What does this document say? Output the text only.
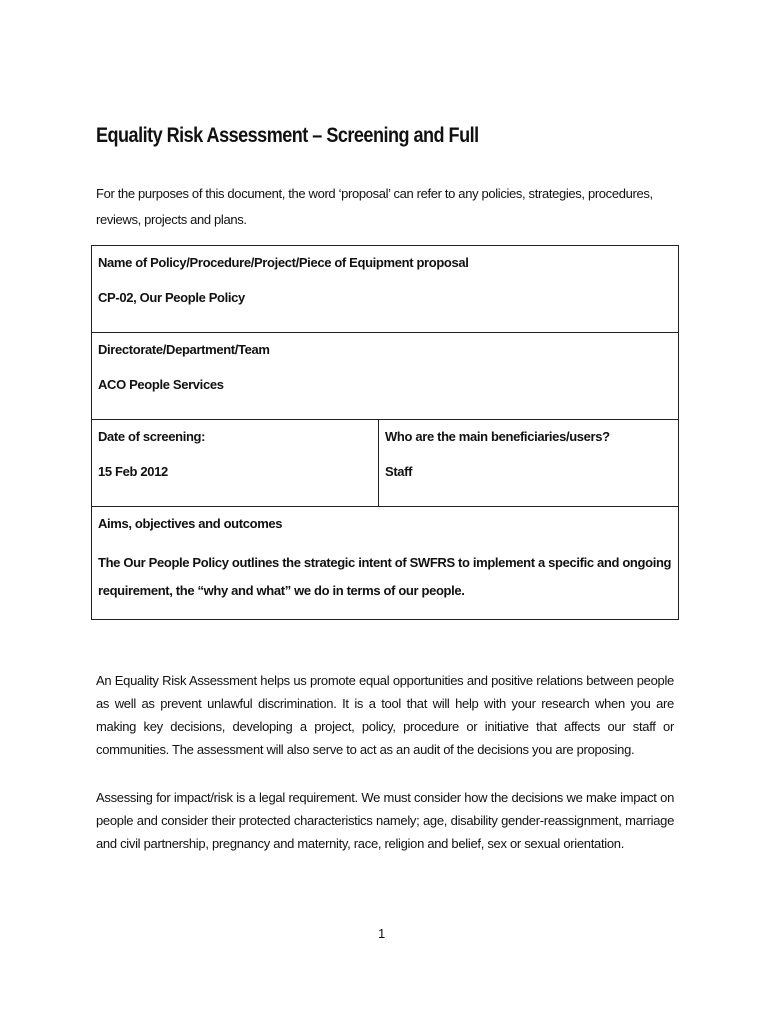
Equality Risk Assessment – Screening and Full

For the purposes of this document, the word ‘proposal’ can refer to any policies, strategies, procedures, reviews, projects and plans.

Name of Policy/Procedure/Project/Piece of Equipment proposal
CP-02, Our People Policy

Directorate/Department/Team
ACO People Services

Date of screening:
15 Feb 2012

Who are the main beneficiaries/users?
Staff

Aims, objectives and outcomes
The Our People Policy outlines the strategic intent of SWFRS to implement a specific and ongoing requirement, the “why and what” we do in terms of our people.

An Equality Risk Assessment helps us promote equal opportunities and positive relations between people as well as prevent unlawful discrimination. It is a tool that will help with your research when you are making key decisions, developing a project, policy, procedure or initiative that affects our staff or communities. The assessment will also serve to act as an audit of the decisions you are proposing.

Assessing for impact/risk is a legal requirement. We must consider how the decisions we make impact on people and consider their protected characteristics namely; age, disability gender-reassignment, marriage and civil partnership, pregnancy and maternity, race, religion and belief, sex or sexual orientation.

1
